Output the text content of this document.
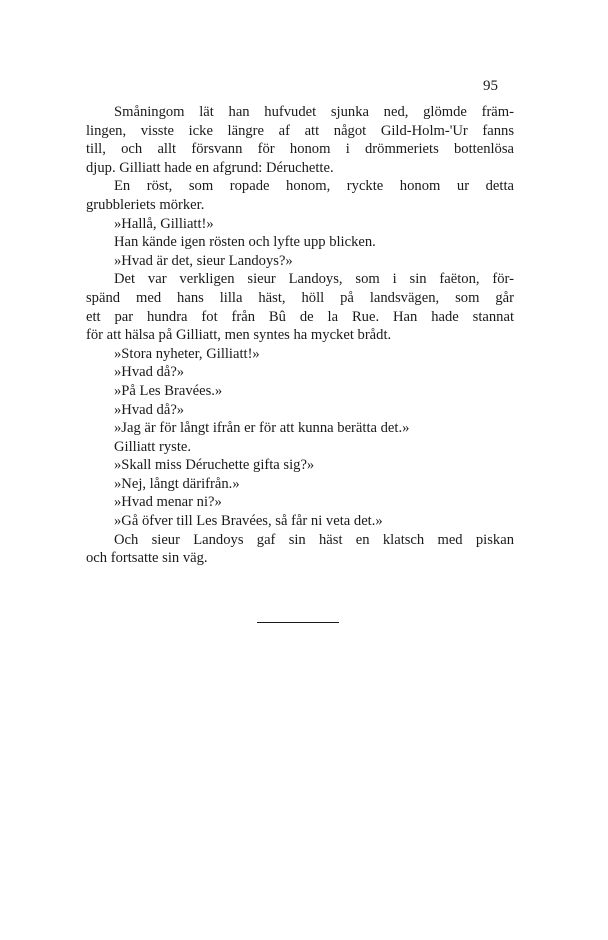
95
Småningom lät han hufvudet sjunka ned, glömde främ-
lingen, visste icke längre af att något Gild-Holm-'Ur fanns
till, och allt försvann för honom i drömmeriets bottenlösa
djup. Gilliatt hade en afgrund: Déruchette.
En röst, som ropade honom, ryckte honom ur detta
grubbleriets mörker.
»Hallå, Gilliatt!»
Han kände igen rösten och lyfte upp blicken.
»Hvad är det, sieur Landoys?»
Det var verkligen sieur Landoys, som i sin faëton, för-
spänd med hans lilla häst, höll på landsvägen, som går
ett par hundra fot från Bû de la Rue. Han hade stannat
för att hälsa på Gilliatt, men syntes ha mycket brådt.
»Stora nyheter, Gilliatt!»
»Hvad då?»
»På Les Bravées.»
»Hvad då?»
»Jag är för långt ifrån er för att kunna berätta det.»
Gilliatt ryste.
»Skall miss Déruchette gifta sig?»
»Nej, långt därifrån.»
»Hvad menar ni?»
»Gå öfver till Les Bravées, så får ni veta det.»
Och sieur Landoys gaf sin häst en klatsch med piskan
och fortsatte sin väg.
